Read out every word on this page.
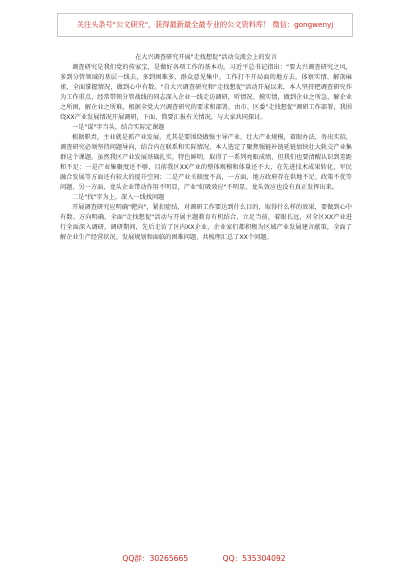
关注头条号"公文研究"，获得最新最全最专业的公文资料库！ 微信：gongwenyj

在大兴调查研究开展"走找想促"活动交流会上的发言

调查研究是我们党的传家宝，是做好各项工作的基本功。习近平总书记指出："要大兴调查研究之风，多到分管领域的基层一线去，多到困难多、群众意见集中、工作打不开局面的地方去，体察实情、解剖麻雀，全面掌握情况，做到心中有数。"自大兴调查研究和"走找想促"活动开展以来，本人坚持把调查研究作为工作重点，经常带领分管战线的同志深入企业一线走访调研，听情况、摸实情，做到企业之所急，解企业之所困，解企业之所难，根据全党大兴调查研究的要求和部署，由市、区委"走找想促"调研工作部署，我围绕XX产业发展情况开展调研，下面，简要汇报有关情况，与大家共同探讨。

一是"谋"字当头，结合实际定课题

根据职责，主业就是抓产业发展，尤其是要围绕做强主导产业，壮大产业规模，着眼办法，务出实招，调查研究必须坚持问题导向，结合内在联系和实际情况，本人选定了聚焦强链补链延链加快壮大轨交产业集群这个课题。虽然我区产业发展基础扎实，特色鲜明，取得了一系列亮眼成绩，但我们也要清醒认识到差距和不足：一是产业集聚度还不够，目前我区XX产业的整体规模和体量还不大，在先进技术成果转化、军民融合发展等方面还有较大的提升空间；二是产业关联度不高，一方面，地方政府存在供地不足、政策不优等问题，另一方面，龙头企业带动作用不明显，产业"虹吸效应"不明显，龙头效应也没有真正发挥出来。

二是"找"字为上，深入一线找问题

开展调查研究应明确"靶向"，紧扣症结，对调研工作要达到什么目的，取得什么样的效果，要做到心中有数。方向明确，全面"走找想促"活动与开展主题教育有机结合，立足当前，着眼长远，对全区XX产业进行全面深入调研，调研期间，先后走访了区内XX企业，企业家们都积极为区域产业发展建言献策，全面了解企业生产经营状况、发展规划和面临的困难问题，共梳理汇总了XX个问题。

QQ群：30265665	QQ：535304092
